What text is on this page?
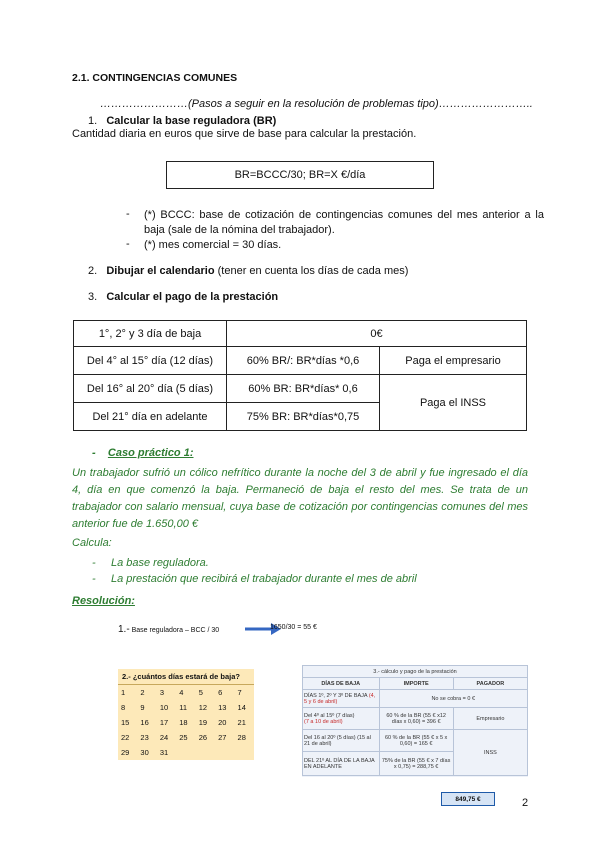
2.1. CONTINGENCIAS COMUNES
……………………(Pasos a seguir en la resolución de problemas tipo)……………………..
1. Calcular la base reguladora (BR)
Cantidad diaria en euros que sirve de base para calcular la prestación.
BR=BCCC/30; BR=X €/día
- (*) BCCC: base de cotización de contingencias comunes del mes anterior a la baja (sale de la nómina del trabajador).
- (*) mes comercial = 30 días.
2. Dibujar el calendario (tener en cuenta los días de cada mes)
3. Calcular el pago de la prestación
1°, 2° y 3 día de baja	0€	
Del 4° al 15° día (12 días)	60% BR/: BR*días *0,6	Paga el empresario
Del 16° al 20° día (5 días)	60% BR: BR*días* 0,6	Paga el INSS
Del 21° día en adelante	75% BR: BR*días*0,75	
- Caso práctico 1:
Un trabajador sufrió un cólico nefrítico durante la noche del 3 de abril y fue ingresado el día 4, día en que comenzó la baja. Permaneció de baja el resto del mes. Se trata de un trabajador con salario mensual, cuya base de cotización por contingencias comunes del mes anterior fue de 1.650,00 €
Calcula:
-     La base reguladora.
-     La prestación que recibirá el trabajador durante el mes de abril
Resolución:
1.- Base reguladora – BCC / 30	1650/30 = 55 €
2.- ¿cuántos días estará de baja?
1	2	3	4	5	6	7
8	9	10	11	12	13	14
15	16	17	18	19	20	21
22	23	24	25	26	27	28
29	30	31				
3.- cálculo y pago de la prestación		
DÍAS DE BAJA	IMPORTE	PAGADOR
DÍAS 1º, 2º Y 3º DE BAJA (4, 5 y 6 de abril)	No se cobra = 0 €	
Del 4º al 15º (7 días)
(7 a 10 de abril)	60 % de la BR (55 € x12 días x 0,60) = 396 €	Empresario
Del 16 al 20º (5 días) (15 al 21 de abril)	60 % de la BR (55 € x 5 x 0,60) = 165 €	INSS
DEL 21º AL DÍA DE LA BAJA EN ADELANTE	75% de la BR (55 € x 7 días x 0,75) = 288,75 €	
849,75 €	2
